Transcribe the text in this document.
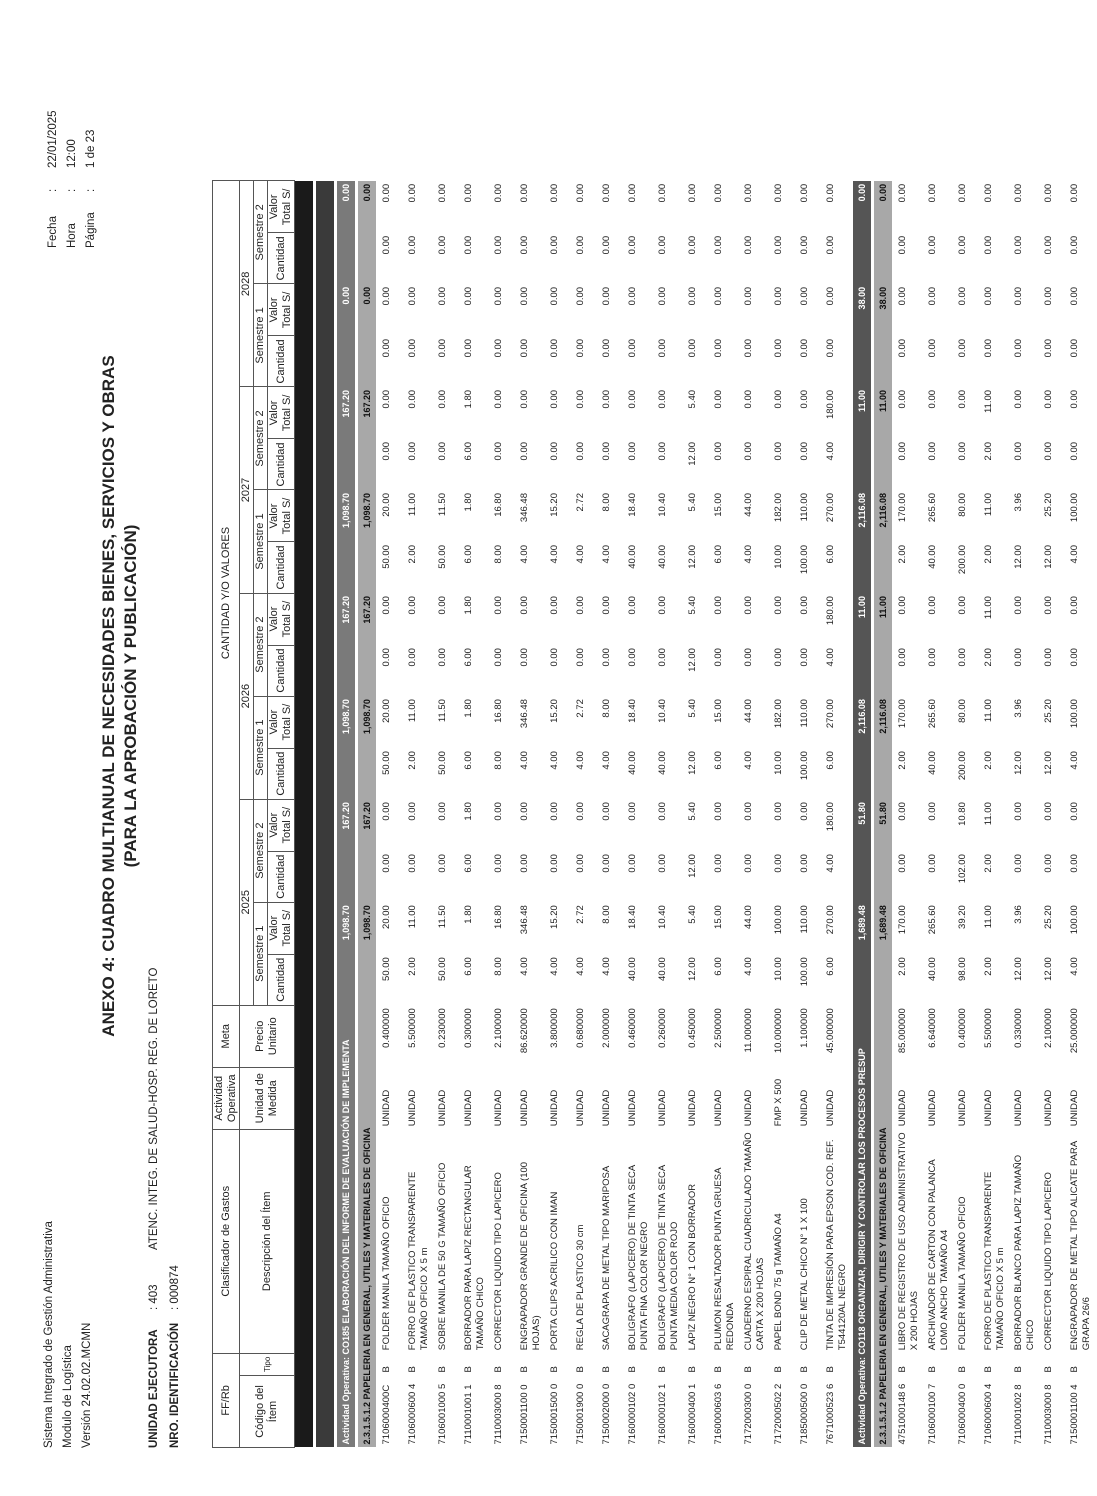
Sistema Integrado de Gestión Administrativa Modulo de Logística Versión 24.02.02.MCMN
Fecha
:
22/01/2025
Hora
:
12:00
Página
:
1 de 23
ANEXO 4: CUADRO MULTIANUAL DE NECESIDADES BIENES, SERVICIOS Y OBRAS (PARA LA APROBACIÓN Y PUBLICACIÓN)
UNIDAD EJECUTORA
: 403
ATENC. INTEG. DE SALUD-HOSP. REG. DE LORETO
NRO. IDENTIFICACIÓN
: 000874
FF/Rb		Clasificador de Gastos	Actividad Operativa	Meta	CANTIDAD Y/O VALORES															
Código del Ítem	Tipo	Descripción del Ítem	Unidad de Medida	Precio Unitario	2025				2026				2027				2028			
					Semestre 1		Semestre 2		Semestre 1		Semestre 2		Semestre 1		Semestre 2		Semestre 1		Semestre 2	
					Cantidad	Valor Total S/	Cantidad	Valor Total S/	Cantidad	Valor Total S/	Cantidad	Valor Total S/	Cantidad	Valor Total S/	Cantidad	Valor Total S/	Cantidad	Valor Total S/	Cantidad	Valor Total S/

Actividad Operativa: CO185 ELABORACIÓN DEL INFORME DE EVALUACIÓN DE IMPLEMENTA						1,098.70		167.20		1,098.70		167.20		1,098.70		167.20		0.00		0.00

2.3.1.5.1.2 PAPELERIA EN GENERAL, UTILES Y MATERIALES DE OFICINA						1,098.70		167.20		1,098.70		167.20		1,098.70		167.20		0.00		0.00

7106000400C	B	FOLDER MANILA TAMAÑO OFICIO	UNIDAD	0.400000	50.00	20.00	0.00	0.00	50.00	20.00	0.00	0.00	50.00	20.00	0.00	0.00	0.00	0.00	0.00	0.00
7106000600 4	B	FORRO DE PLASTICO TRANSPARENTE TAMAÑO OFICIO X 5 m	UNIDAD	5.500000	2.00	11.00	0.00	0.00	2.00	11.00	0.00	0.00	2.00	11.00	0.00	0.00	0.00	0.00	0.00	0.00
7106001000 5	B	SOBRE MANILA DE 50 G TAMAÑO OFICIO	UNIDAD	0.230000	50.00	11.50	0.00	0.00	50.00	11.50	0.00	0.00	50.00	11.50	0.00	0.00	0.00	0.00	0.00	0.00
7110001001 1	B	BORRADOR PARA LAPIZ RECTANGULAR TAMAÑO CHICO	UNIDAD	0.300000	6.00	1.80	6.00	1.80	6.00	1.80	6.00	1.80	6.00	1.80	6.00	1.80	0.00	0.00	0.00	0.00
7110003000 8	B	CORRECTOR LIQUIDO TIPO LAPICERO	UNIDAD	2.100000	8.00	16.80	0.00	0.00	8.00	16.80	0.00	0.00	8.00	16.80	0.00	0.00	0.00	0.00	0.00	0.00
7150001100 0	B	ENGRAPADOR GRANDE DE OFICINA (100 HOJAS)	UNIDAD	86.620000	4.00	346.48	0.00	0.00	4.00	346.48	0.00	0.00	4.00	346.48	0.00	0.00	0.00	0.00	0.00	0.00
7150001500 0	B	PORTA CLIPS ACRILICO CON IMAN	UNIDAD	3.800000	4.00	15.20	0.00	0.00	4.00	15.20	0.00	0.00	4.00	15.20	0.00	0.00	0.00	0.00	0.00	0.00
7150001900 0	B	REGLA DE PLASTICO 30 cm	UNIDAD	0.680000	4.00	2.72	0.00	0.00	4.00	2.72	0.00	0.00	4.00	2.72	0.00	0.00	0.00	0.00	0.00	0.00
7150002000 0	B	SACAGRAPA DE METAL TIPO MARIPOSA	UNIDAD	2.000000	4.00	8.00	0.00	0.00	4.00	8.00	0.00	0.00	4.00	8.00	0.00	0.00	0.00	0.00	0.00	0.00
7160000102 0	B	BOLIGRAFO (LAPICERO) DE TINTA SECA PUNTA FINA COLOR NEGRO	UNIDAD	0.460000	40.00	18.40	0.00	0.00	40.00	18.40	0.00	0.00	40.00	18.40	0.00	0.00	0.00	0.00	0.00	0.00
7160000102 1	B	BOLIGRAFO (LAPICERO) DE TINTA SECA PUNTA MEDIA COLOR ROJO	UNIDAD	0.260000	40.00	10.40	0.00	0.00	40.00	10.40	0.00	0.00	40.00	10.40	0.00	0.00	0.00	0.00	0.00	0.00
7160000400 1	B	LAPIZ NEGRO N° 1 CON BORRADOR	UNIDAD	0.450000	12.00	5.40	12.00	5.40	12.00	5.40	12.00	5.40	12.00	5.40	12.00	5.40	0.00	0.00	0.00	0.00
7160000603 6	B	PLUMON RESALTADOR PUNTA GRUESA REDONDA	UNIDAD	2.500000	6.00	15.00	0.00	0.00	6.00	15.00	0.00	0.00	6.00	15.00	0.00	0.00	0.00	0.00	0.00	0.00
7172000300 0	B	CUADERNO ESPIRAL CUADRICULADO TAMAÑO CARTA X 200 HOJAS	UNIDAD	11.000000	4.00	44.00	0.00	0.00	4.00	44.00	0.00	0.00	4.00	44.00	0.00	0.00	0.00	0.00	0.00	0.00
7172000502 2	B	PAPEL BOND 75 g TAMAÑO A4	FMP X 500	10.000000	10.00	100.00	0.00	0.00	10.00	182.00	0.00	0.00	10.00	182.00	0.00	0.00	0.00	0.00	0.00	0.00
7185000500 0	B	CLIP DE METAL CHICO N° 1 X 100	UNIDAD	1.100000	100.00	110.00	0.00	0.00	100.00	110.00	0.00	0.00	100.00	110.00	0.00	0.00	0.00	0.00	0.00	0.00
7671000523 6	B	TINTA DE IMPRESIÓN PARA EPSON COD. REF. T544120AL NEGRO	UNIDAD	45.000000	6.00	270.00	4.00	180.00	6.00	270.00	4.00	180.00	6.00	270.00	4.00	180.00	0.00	0.00	0.00	0.00
Actividad Operativa: CO118 ORGANIZAR, DIRIGIR Y CONTROLAR LOS PROCESOS PRESUP						1,689.48		51.80		2,116.08		11.00		2,116.08		11.00		38.00		0.00

2.3.1.5.1.2 PAPELERIA EN GENERAL, UTILES Y MATERIALES DE OFICINA						1,689.48		51.80		2,116.08		11.00		2,116.08		11.00		38.00		0.00

4751000148 6	B	LIBRO DE REGISTRO DE USO ADMINISTRATIVO X 200 HOJAS	UNIDAD	85.000000	2.00	170.00	0.00	0.00	2.00	170.00	0.00	0.00	2.00	170.00	0.00	0.00	0.00	0.00	0.00	0.00
7106000100 7	B	ARCHIVADOR DE CARTON CON PALANCA LOMO ANCHO TAMAÑO A4	UNIDAD	6.640000	40.00	265.60	0.00	0.00	40.00	265.60	0.00	0.00	40.00	265.60	0.00	0.00	0.00	0.00	0.00	0.00
7106000400 0	B	FOLDER MANILA TAMAÑO OFICIO	UNIDAD	0.400000	98.00	39.20	102.00	10.80	200.00	80.00	0.00	0.00	200.00	80.00	0.00	0.00	0.00	0.00	0.00	0.00
7106000600 4	B	FORRO DE PLASTICO TRANSPARENTE TAMAÑO OFICIO X 5 m	UNIDAD	5.500000	2.00	11.00	2.00	11.00	2.00	11.00	2.00	11.00	2.00	11.00	2.00	11.00	0.00	0.00	0.00	0.00
7110001002 8	B	BORRADOR BLANCO PARA LAPIZ TAMAÑO CHICO	UNIDAD	0.330000	12.00	3.96	0.00	0.00	12.00	3.96	0.00	0.00	12.00	3.96	0.00	0.00	0.00	0.00	0.00	0.00
7110003000 8	B	CORRECTOR LIQUIDO TIPO LAPICERO	UNIDAD	2.100000	12.00	25.20	0.00	0.00	12.00	25.20	0.00	0.00	12.00	25.20	0.00	0.00	0.00	0.00	0.00	0.00
7150001100 4	B	ENGRAPADOR DE METAL TIPO ALICATE PARA GRAPA 26/6	UNIDAD	25.000000	4.00	100.00	0.00	0.00	4.00	100.00	0.00	0.00	4.00	100.00	0.00	0.00	0.00	0.00	0.00	0.00
